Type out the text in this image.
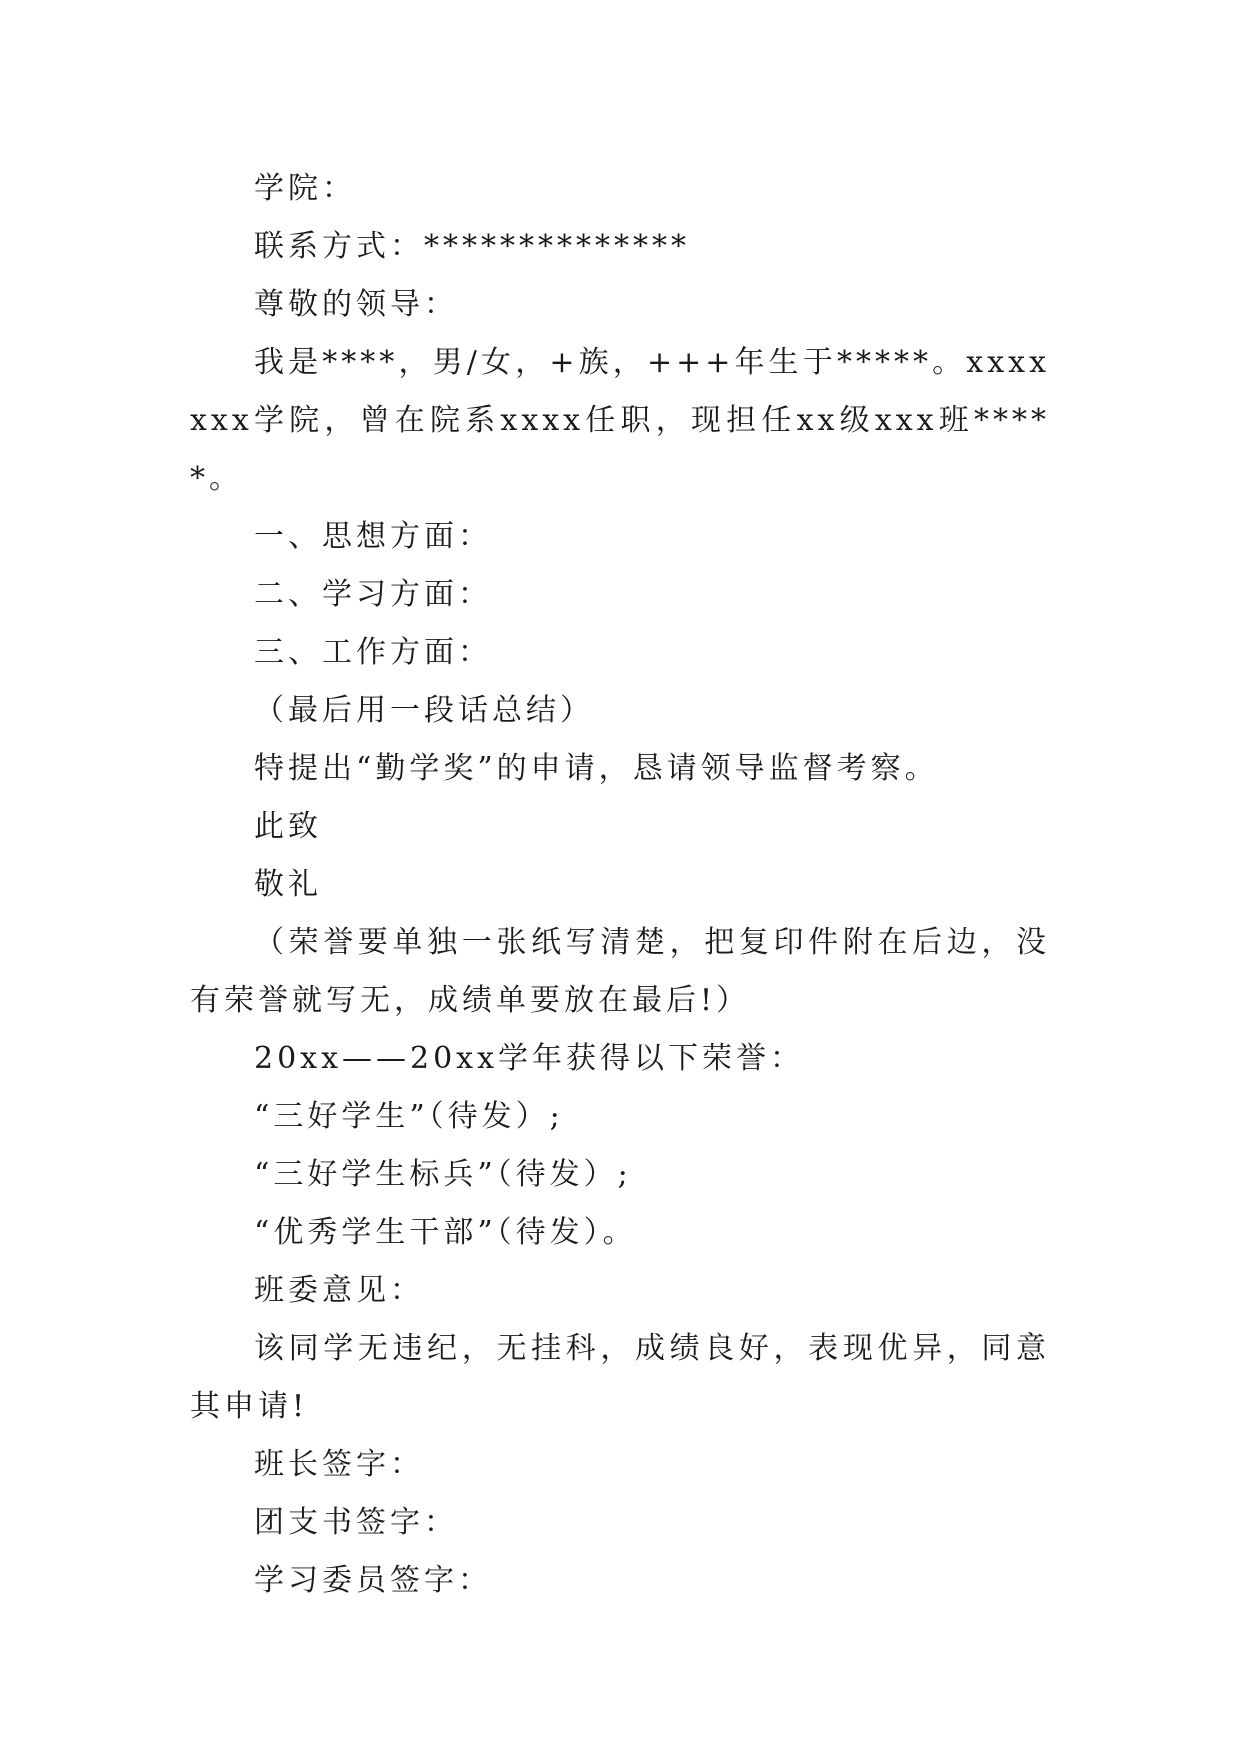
学院：

联系方式：**************

尊敬的领导：

我是****，男/女，+族，+++年生于*****。xxxxxxx学院，曾在院系xxxx任职，现担任xx级xxx班*****。

一、思想方面：

二、学习方面：

三、工作方面：

（最后用一段话总结）

特提出“勤学奖”的申请，恳请领导监督考察。

此致

敬礼

（荣誉要单独一张纸写清楚，把复印件附在后边，没有荣誉就写无，成绩单要放在最后!）

20xx——20xx学年获得以下荣誉：

“三好学生”（待发）;

“三好学生标兵”（待发）;

“优秀学生干部”（待发）。

班委意见：

该同学无违纪，无挂科，成绩良好，表现优异，同意其申请!

班长签字：

团支书签字：

学习委员签字：
